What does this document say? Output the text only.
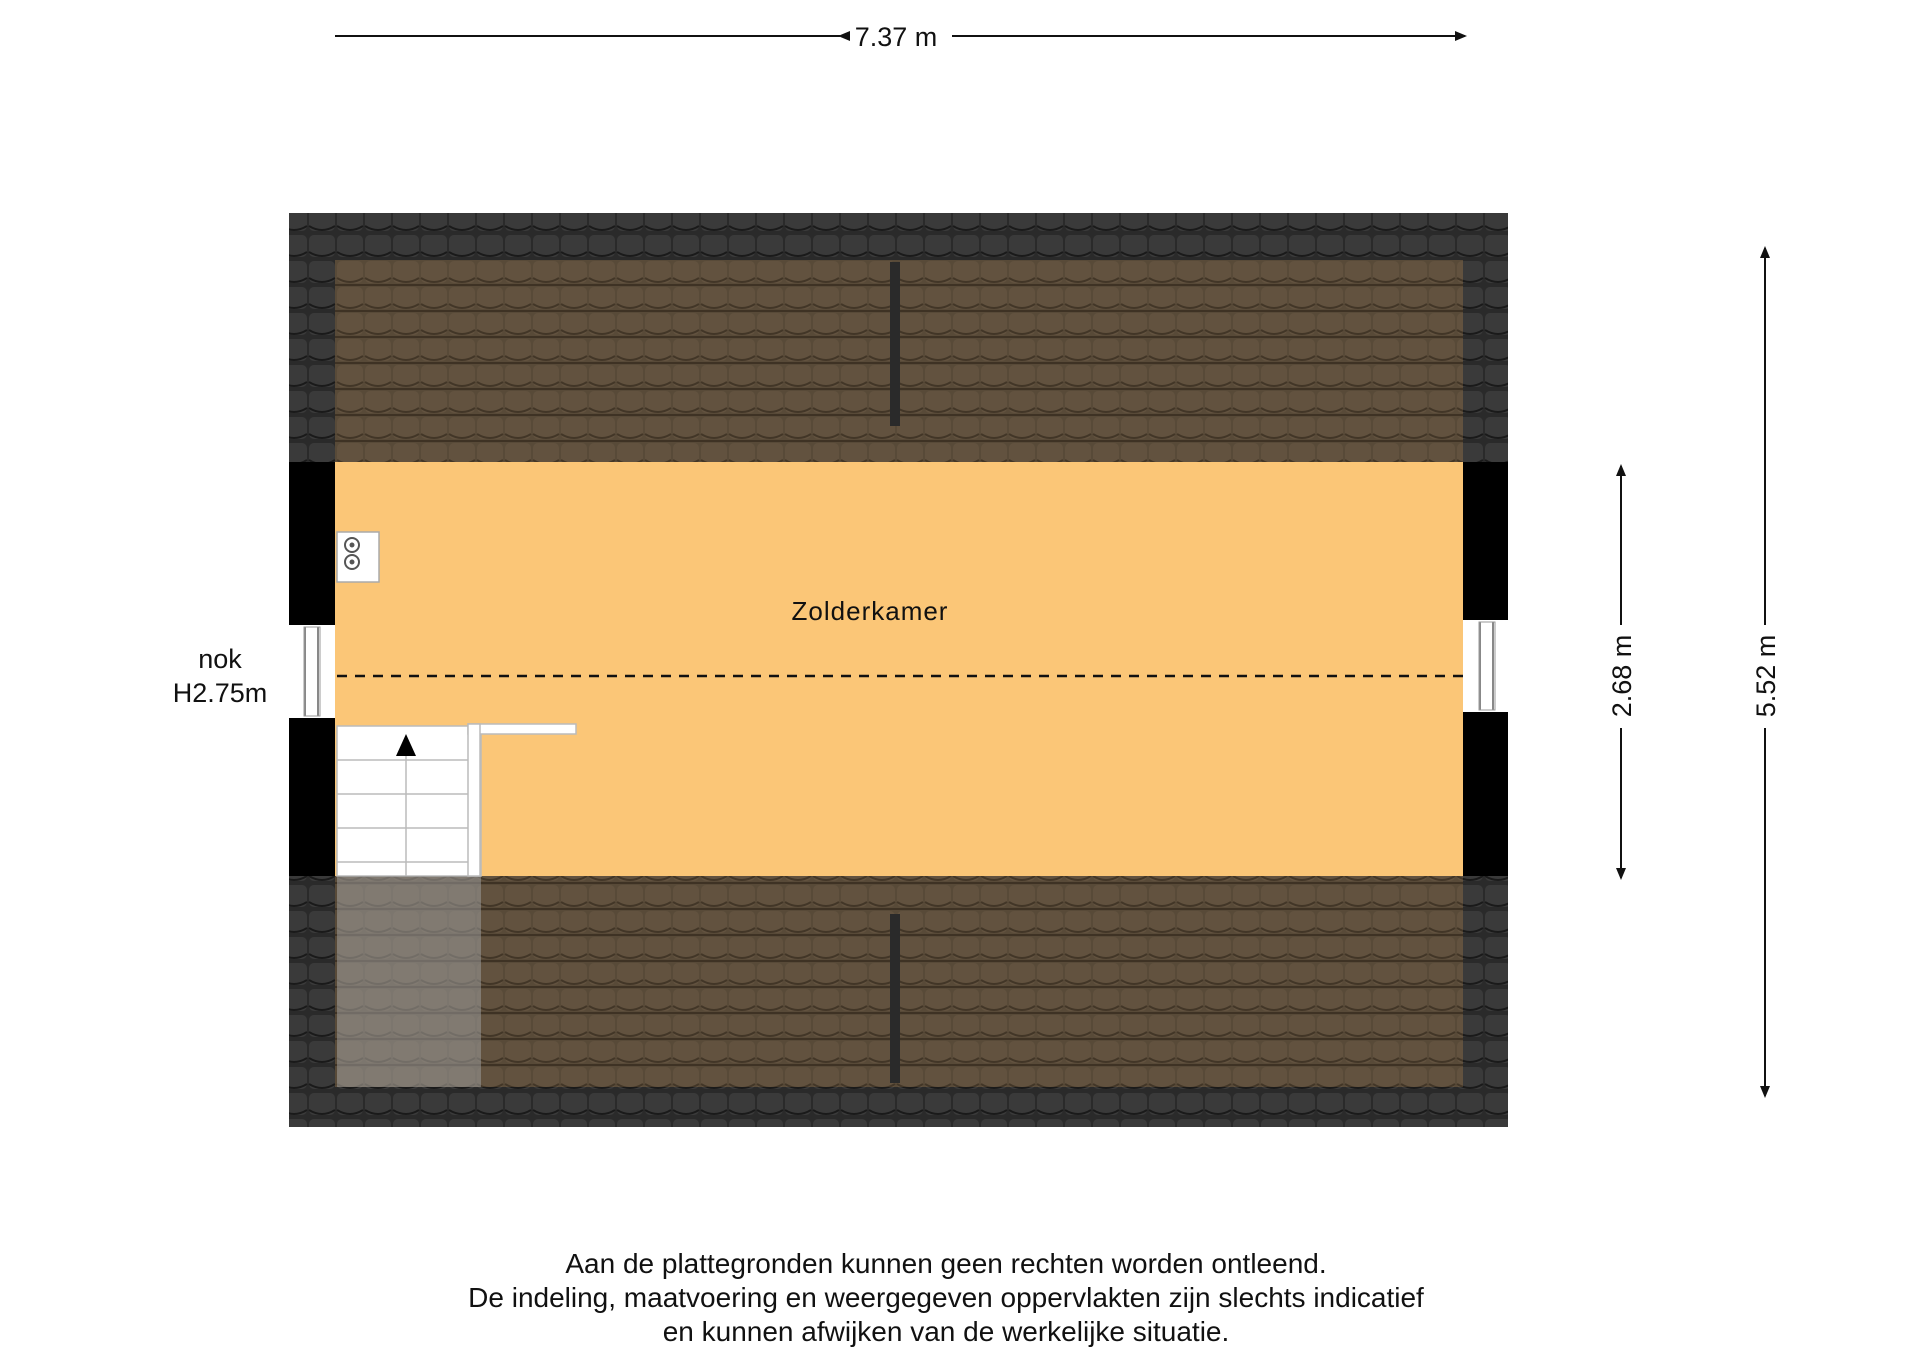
7.37 m
Zolderkamer
nok
H2.75m	2.68 m	5.52 m
Aan de plattegronden kunnen geen rechten worden ontleend.
De indeling, maatvoering en weergegeven oppervlakten zijn slechts indicatief
en kunnen afwijken van de werkelijke situatie.
